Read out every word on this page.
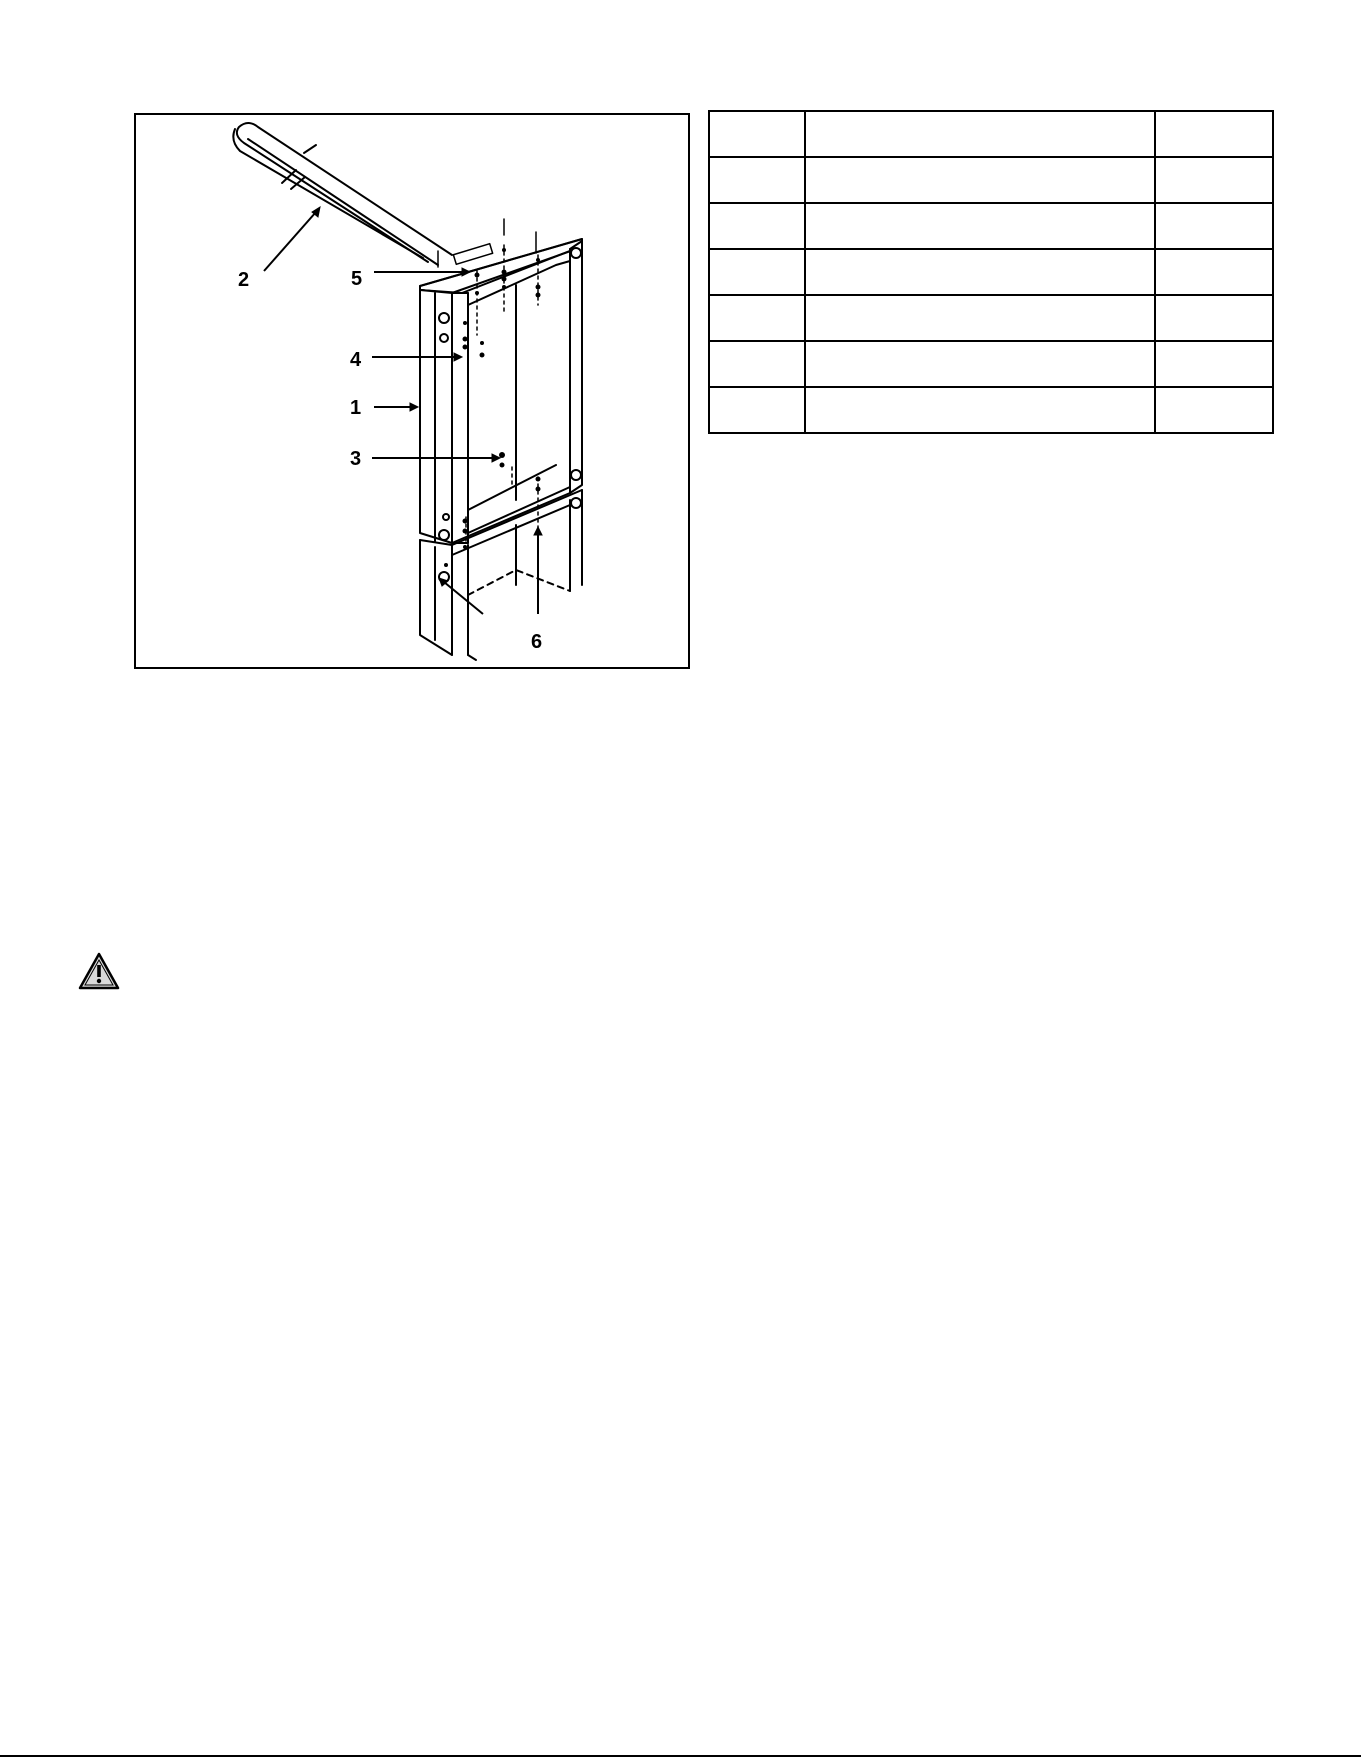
2	5
4
1
3
6
